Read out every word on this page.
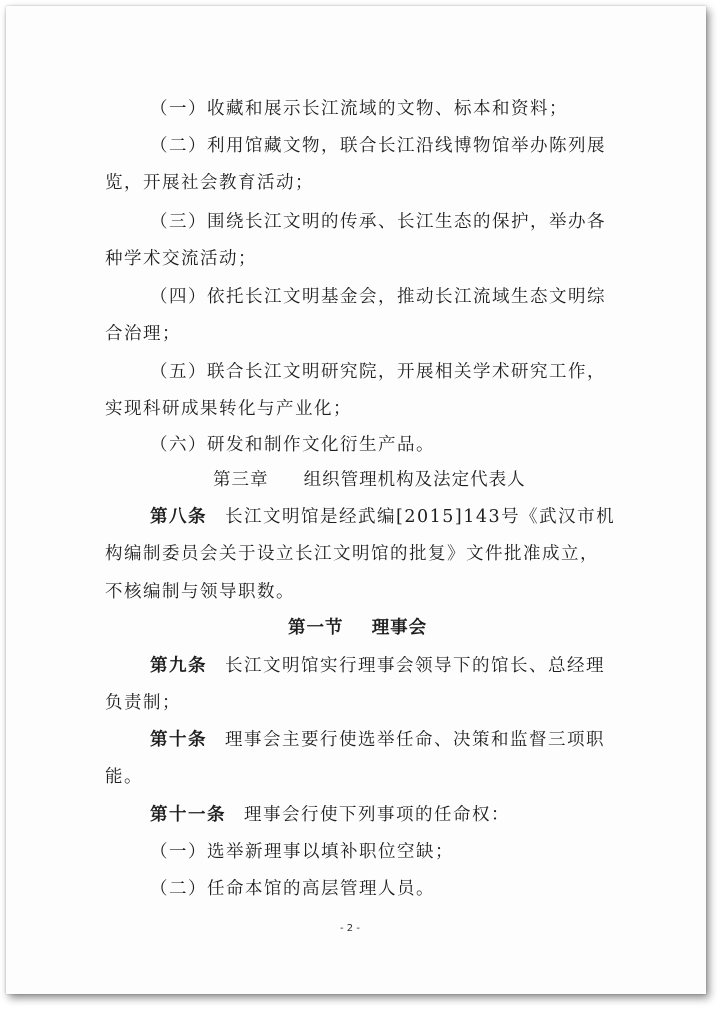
（一）收藏和展示长江流域的文物、标本和资料；
（二）利用馆藏文物，联合长江沿线博物馆举办陈列展
览，开展社会教育活动；
（三）围绕长江文明的传承、长江生态的保护，举办各
种学术交流活动；
（四）依托长江文明基金会，推动长江流域生态文明综
合治理；
（五）联合长江文明研究院，开展相关学术研究工作，
实现科研成果转化与产业化；
（六）研发和制作文化衍生产品。
第三章 组织管理机构及法定代表人
第八条 长江文明馆是经武编[2015]143号《武汉市机
构编制委员会关于设立长江文明馆的批复》文件批准成立，
不核编制与领导职数。
第一节 理事会
第九条 长江文明馆实行理事会领导下的馆长、总经理
负责制；
第十条 理事会主要行使选举任命、决策和监督三项职
能。
第十一条 理事会行使下列事项的任命权：
（一）选举新理事以填补职位空缺；
（二）任命本馆的高层管理人员。
- 2 -
